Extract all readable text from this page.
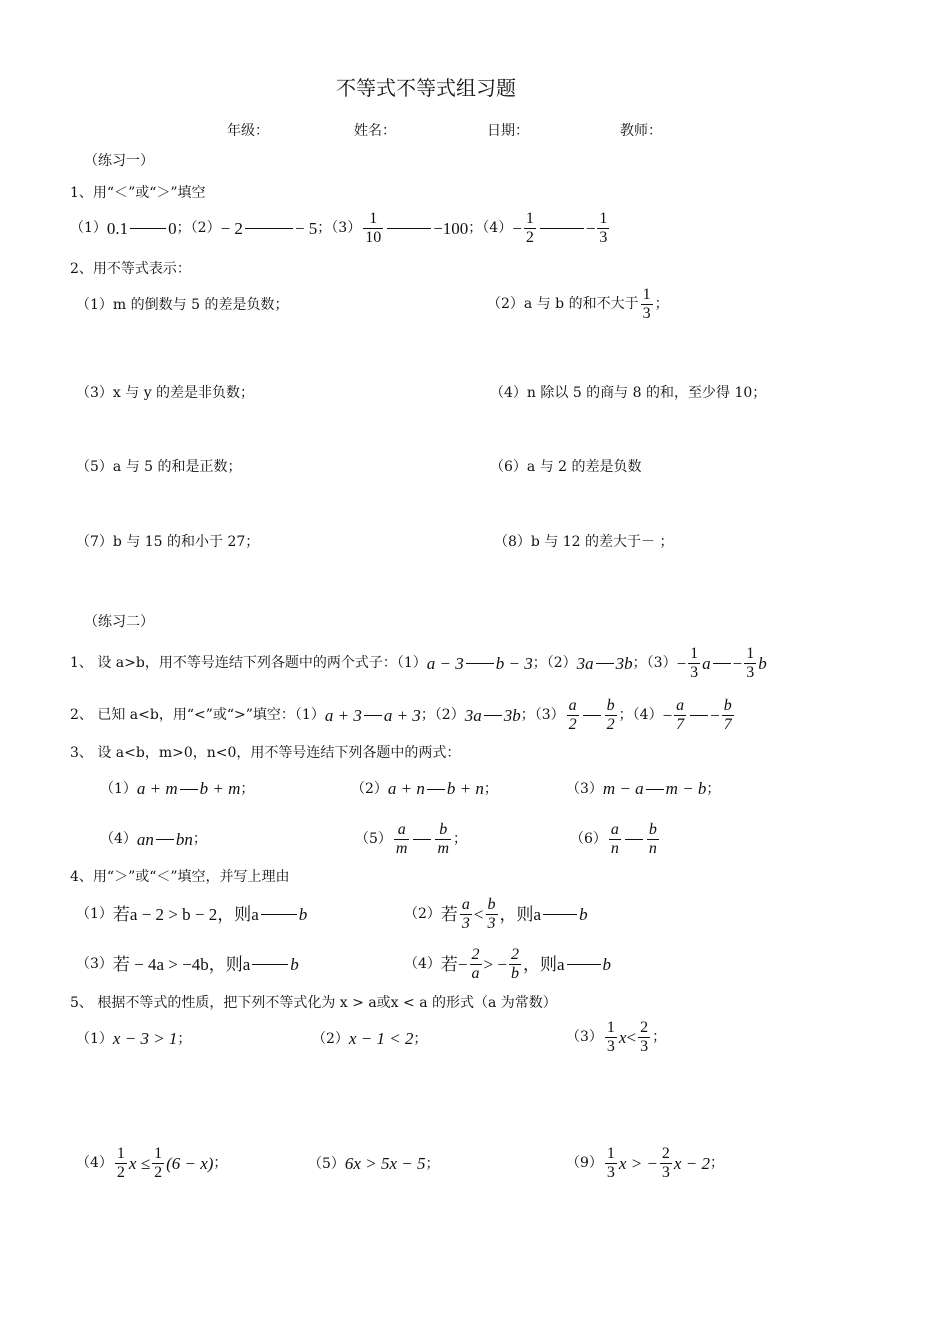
不等式不等式组习题
年级：	姓名：	日期：	教师：
（练习一）
1、用“＜”或“＞”填空
（1） 0.1 0 ；（2） − 2	− 5 ；$(3) \frac{1}{10}$	−100 ；$(4) - \frac{1}{2}$	− $\frac{1}{3}$
2、用不等式表示：
（1）m 的倒数与 5 的差是负数；	（2）a 与 b 的和不大于 $\frac{1}{3}$ ；
（3）x 与 y 的差是非负数；	（4）n 除以 5 的商与 8 的和，至少得 10；
（5）a 与 5 的和是正数；	（6）a 与 2 的差是负数
（7）b 与 15 的和小于 27；	（8）b 与 12 的差大于－ ；
（练习二）
1、 设 a>b，用不等号连结下列各题中的两个式子：（1） a − 3 b − 3 ；（2） 3a 3b ；$(3) - \frac{1}{3}$ $a - \frac{1}{3}$ b
2、 已知 a<b，用“<”或“>”填空：（1） a + 3 a + 3 ；（2） 3a 3b ；$(3) \frac{a}{2} \frac{b}{2}$ ；$(4) - \frac{a}{7} - \frac{b}{7}$
3、 设 a<b，m>0，n<0，用不等号连结下列各题中的两式：
（1） a + m b + m ；	（2） a + n b + n ；	（3） m − a m − b ；
（4） an bn ；	$(5) \frac{a}{m} \frac{b}{m}$ ；	$(6) \frac{a}{n} \frac{b}{n}$
4、用“＞”或“＜”填空，并写上理由
（1） 若a − 2 > b − 2，则a b	（2） 若 $\frac{a}{3} < \frac{b}{3}$ ，则a b
（3） 若 − 4a > −4b，则a b	（4） 若 − $\frac{2}{a}$ > − $\frac{2}{b}$ ，则a b
5、 根据不等式的性质，把下列不等式化为 x > a或x < a 的形式（a 为常数）
（1） x − 3 > 1 ；	（2） x − 1 < 2 ；	$(3) \frac{1}{3}$ $x < \frac{2}{3}$ ；
$(4) \frac{1}{2}$ $x \le \frac{1}{2} (6 - x)$ ；	（5） 6x > 5x − 5 ；	$(9) \frac{1}{3}$ x > − $\frac{2}{3}$ x − 2 ；
